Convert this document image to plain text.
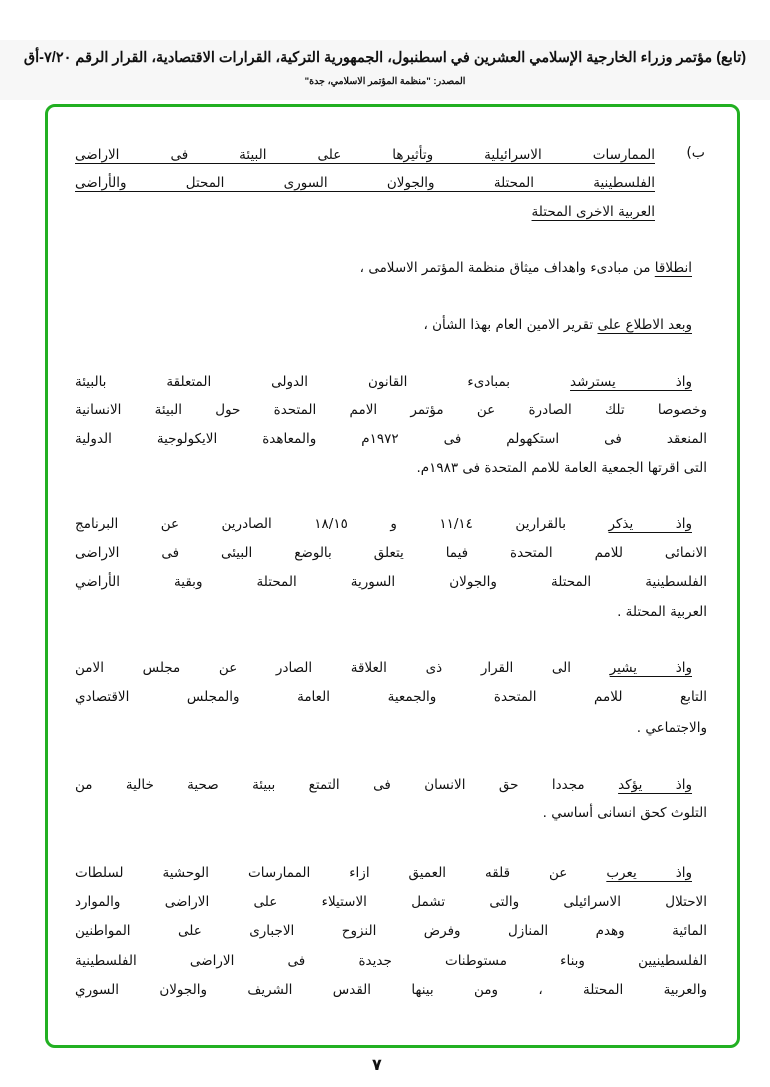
(تابع) مؤتمر وزراء الخارجية الإسلامي العشرين في اسطنبول، الجمهورية التركية، القرارات الاقتصادية، القرار الرقم ٧/٢٠-أق
المصدر: "منظمة المؤتمر الاسلامي، جدة"
ب)
الممارسات الاسرائيلية وتأثيرها على البيئة فى الاراضى
الفلسطينية المحتلة والجولان السورى المحتل والأراضى
العربية الاخرى المحتلة
انطلاقا من مبادىء واهداف ميثاق منظمة المؤتمر الاسلامى ،
وبعد الاطلاع على تقرير الامين العام بهذا الشأن ،
واذ يسترشد بمبادىء القانون الدولى المتعلقة بالبيئة
وخصوصا تلك الصادرة عن مؤتمر الامم المتحدة حول البيئة الانسانية
المنعقد فى استكهولم فى ١٩٧٢م والمعاهدة الايكولوجية الدولية
التى اقرتها الجمعية العامة للامم المتحدة فى ١٩٨٣م.
واذ يذكر بالقرارين ١١/١٤ و ١٨/١٥ الصادرين عن البرنامج
الانمائى للامم المتحدة فيما يتعلق بالوضع البيئى فى الاراضى
الفلسطينية المحتلة والجولان السورية المحتلة وبقية الأراضي
العربية المحتلة .
واذ يشير الى القرار ذى العلاقة الصادر عن مجلس الامن
التابع للامم المتحدة والجمعية العامة والمجلس الاقتصادي
والاجتماعي .
واذ يؤكد مجددا حق الانسان فى التمتع ببيئة صحية خالية من
التلوث كحق انسانى أساسي .
واذ يعرب عن قلقه العميق ازاء الممارسات الوحشية لسلطات
الاحتلال الاسرائيلى والتى تشمل الاستيلاء على الاراضى والموارد
المائية وهدم المنازل وفرض النزوح الاجبارى على المواطنين
الفلسطينيين وبناء مستوطنات جديدة فى الاراضى الفلسطينية
والعربية المحتلة ، ومن بينها القدس الشريف والجولان السوري
٧
